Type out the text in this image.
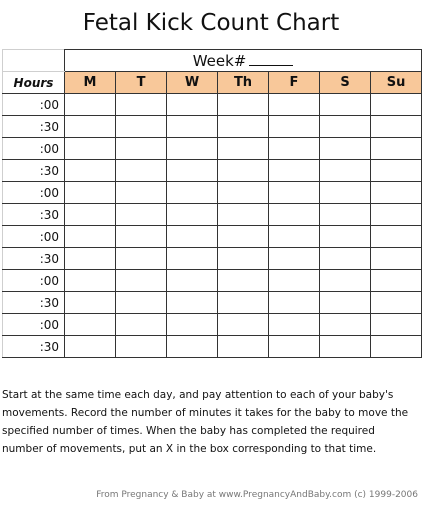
Fetal Kick Count Chart
	Week#						
Hours	M	T	W	Th	F	S	Su
:00							
:30							
:00							
:30							
:00							
:30							
:00							
:30							
:00							
:30							
:00							
:30							
Start at the same time each day, and pay attention to each of your baby's movements. Record the number of minutes it takes for the baby to move the specified number of times. When the baby has completed the required number of movements, put an X in the box corresponding to that time.
From Pregnancy & Baby at www.PregnancyAndBaby.com (c) 1999-2006
